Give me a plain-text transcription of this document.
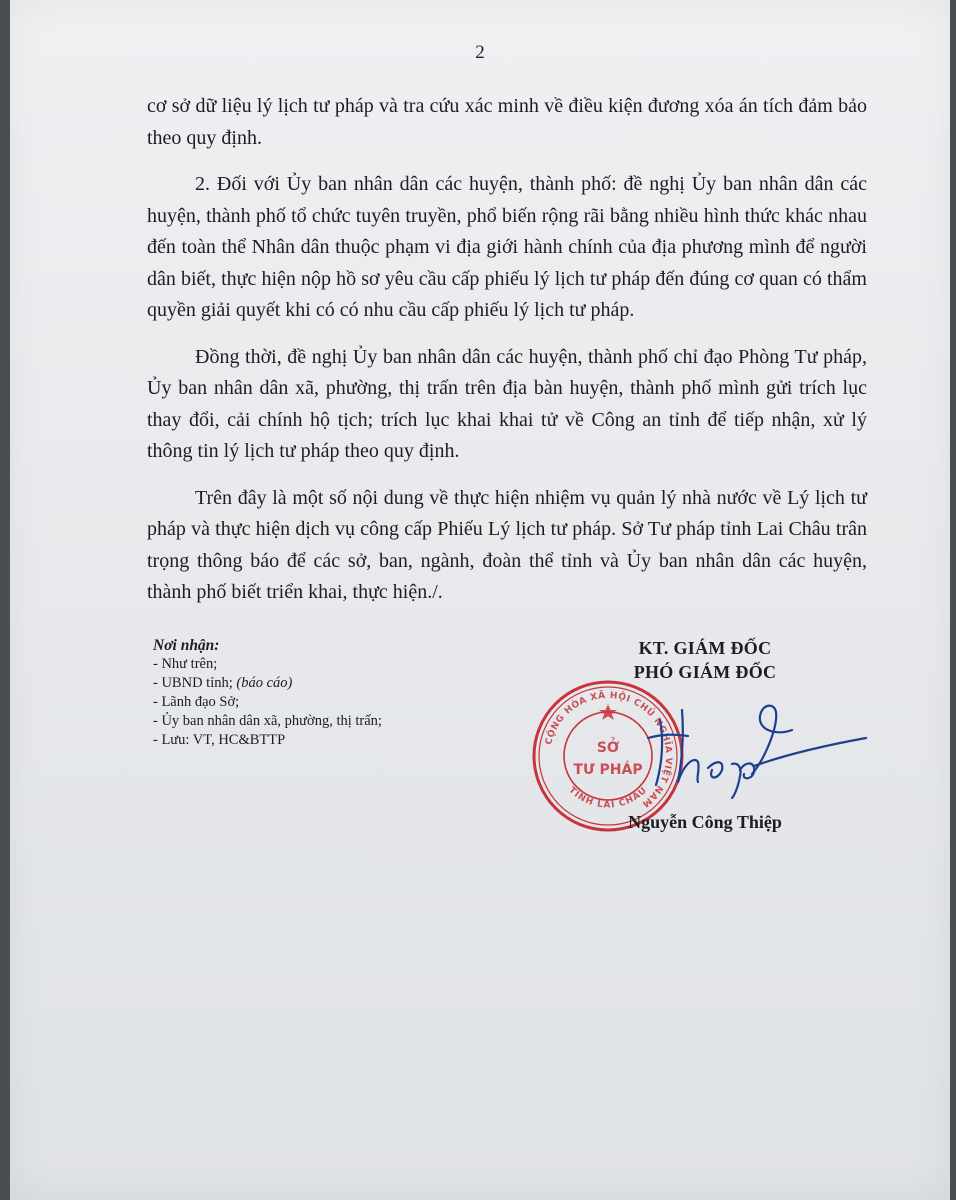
2

cơ sở dữ liệu lý lịch tư pháp và tra cứu xác minh về điều kiện đương xóa án tích đảm bảo theo quy định.

2. Đối với Ủy ban nhân dân các huyện, thành phố: đề nghị Ủy ban nhân dân các huyện, thành phố tổ chức tuyên truyền, phổ biến rộng rãi bằng nhiều hình thức khác nhau đến toàn thể Nhân dân thuộc phạm vi địa giới hành chính của địa phương mình để người dân biết, thực hiện nộp hồ sơ yêu cầu cấp phiếu lý lịch tư pháp đến đúng cơ quan có thẩm quyền giải quyết khi có có nhu cầu cấp phiếu lý lịch tư pháp.

Đồng thời, đề nghị Ủy ban nhân dân các huyện, thành phố chỉ đạo Phòng Tư pháp, Ủy ban nhân dân xã, phường, thị trấn trên địa bàn huyện, thành phố mình gửi trích lục thay đổi, cải chính hộ tịch; trích lục khai khai tử về Công an tỉnh để tiếp nhận, xử lý thông tin lý lịch tư pháp theo quy định.

Trên đây là một số nội dung về thực hiện nhiệm vụ quản lý nhà nước về Lý lịch tư pháp và thực hiện dịch vụ công cấp Phiếu Lý lịch tư pháp. Sở Tư pháp tỉnh Lai Châu trân trọng thông báo để các sở, ban, ngành, đoàn thể tỉnh và Ủy ban nhân dân các huyện, thành phố biết triển khai, thực hiện./.

Nơi nhận:
- Như trên;
- UBND tỉnh; (báo cáo)
- Lãnh đạo Sở;
- Ủy ban nhân dân xã, phường, thị trấn;
- Lưu: VT, HC&BTTP	CỘNG HÒA XÃ HỘI CHỦ NGHĨA VIỆT NAM
TỈNH LAI CHÂU
SỞ
TƯ PHÁP
KT. GIÁM ĐỐC
PHÓ GIÁM ĐỐC
Nguyễn Công Thiệp
